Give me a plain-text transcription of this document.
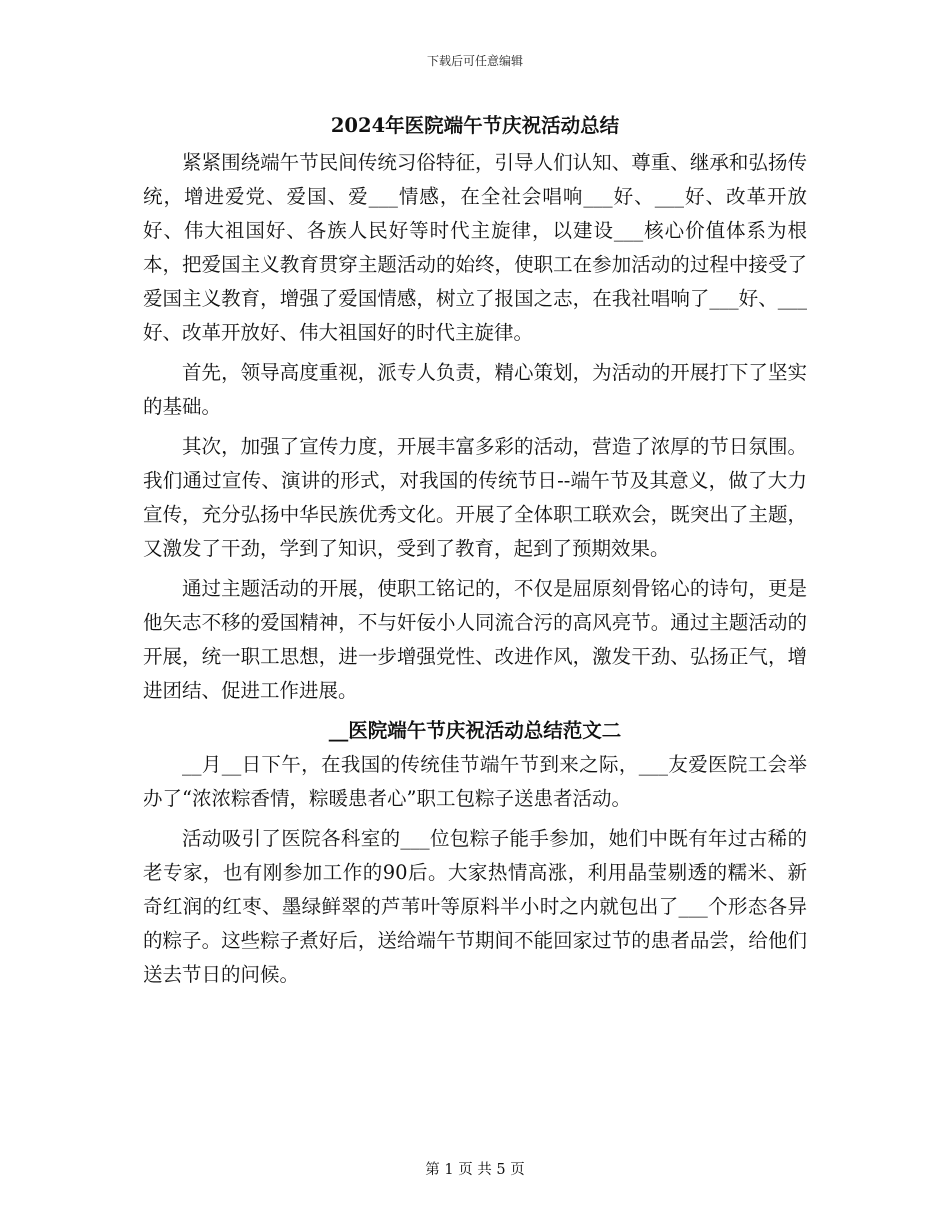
下载后可任意编辑
2024年医院端午节庆祝活动总结

紧紧围绕端午节民间传统习俗特征，引导人们认知、尊重、继承和弘扬传统，增进爱党、爱国、爱___情感，在全社会唱响___好、___好、改革开放好、伟大祖国好、各族人民好等时代主旋律，以建设___核心价值体系为根本，把爱国主义教育贯穿主题活动的始终，使职工在参加活动的过程中接受了爱国主义教育，增强了爱国情感，树立了报国之志，在我社唱响了___好、___好、改革开放好、伟大祖国好的时代主旋律。

首先，领导高度重视，派专人负责，精心策划，为活动的开展打下了坚实的基础。

其次，加强了宣传力度，开展丰富多彩的活动，营造了浓厚的节日氛围。我们通过宣传、演讲的形式，对我国的传统节日--端午节及其意义，做了大力宣传，充分弘扬中华民族优秀文化。开展了全体职工联欢会，既突出了主题，又激发了干劲，学到了知识，受到了教育，起到了预期效果。

通过主题活动的开展，使职工铭记的，不仅是屈原刻骨铭心的诗句，更是他矢志不移的爱国精神，不与奸佞小人同流合污的高风亮节。通过主题活动的开展，统一职工思想，进一步增强党性、改进作风，激发干劲、弘扬正气，增进团结、促进工作进展。

__医院端午节庆祝活动总结范文二

__月__日下午，在我国的传统佳节端午节到来之际，___友爱医院工会举办了“浓浓粽香情，粽暖患者心”职工包粽子送患者活动。

活动吸引了医院各科室的___位包粽子能手参加，她们中既有年过古稀的老专家，也有刚参加工作的90后。大家热情高涨，利用晶莹剔透的糯米、新奇红润的红枣、墨绿鲜翠的芦苇叶等原料半小时之内就包出了___个形态各异的粽子。这些粽子煮好后，送给端午节期间不能回家过节的患者品尝，给他们送去节日的问候。

第 1 页 共 5 页
